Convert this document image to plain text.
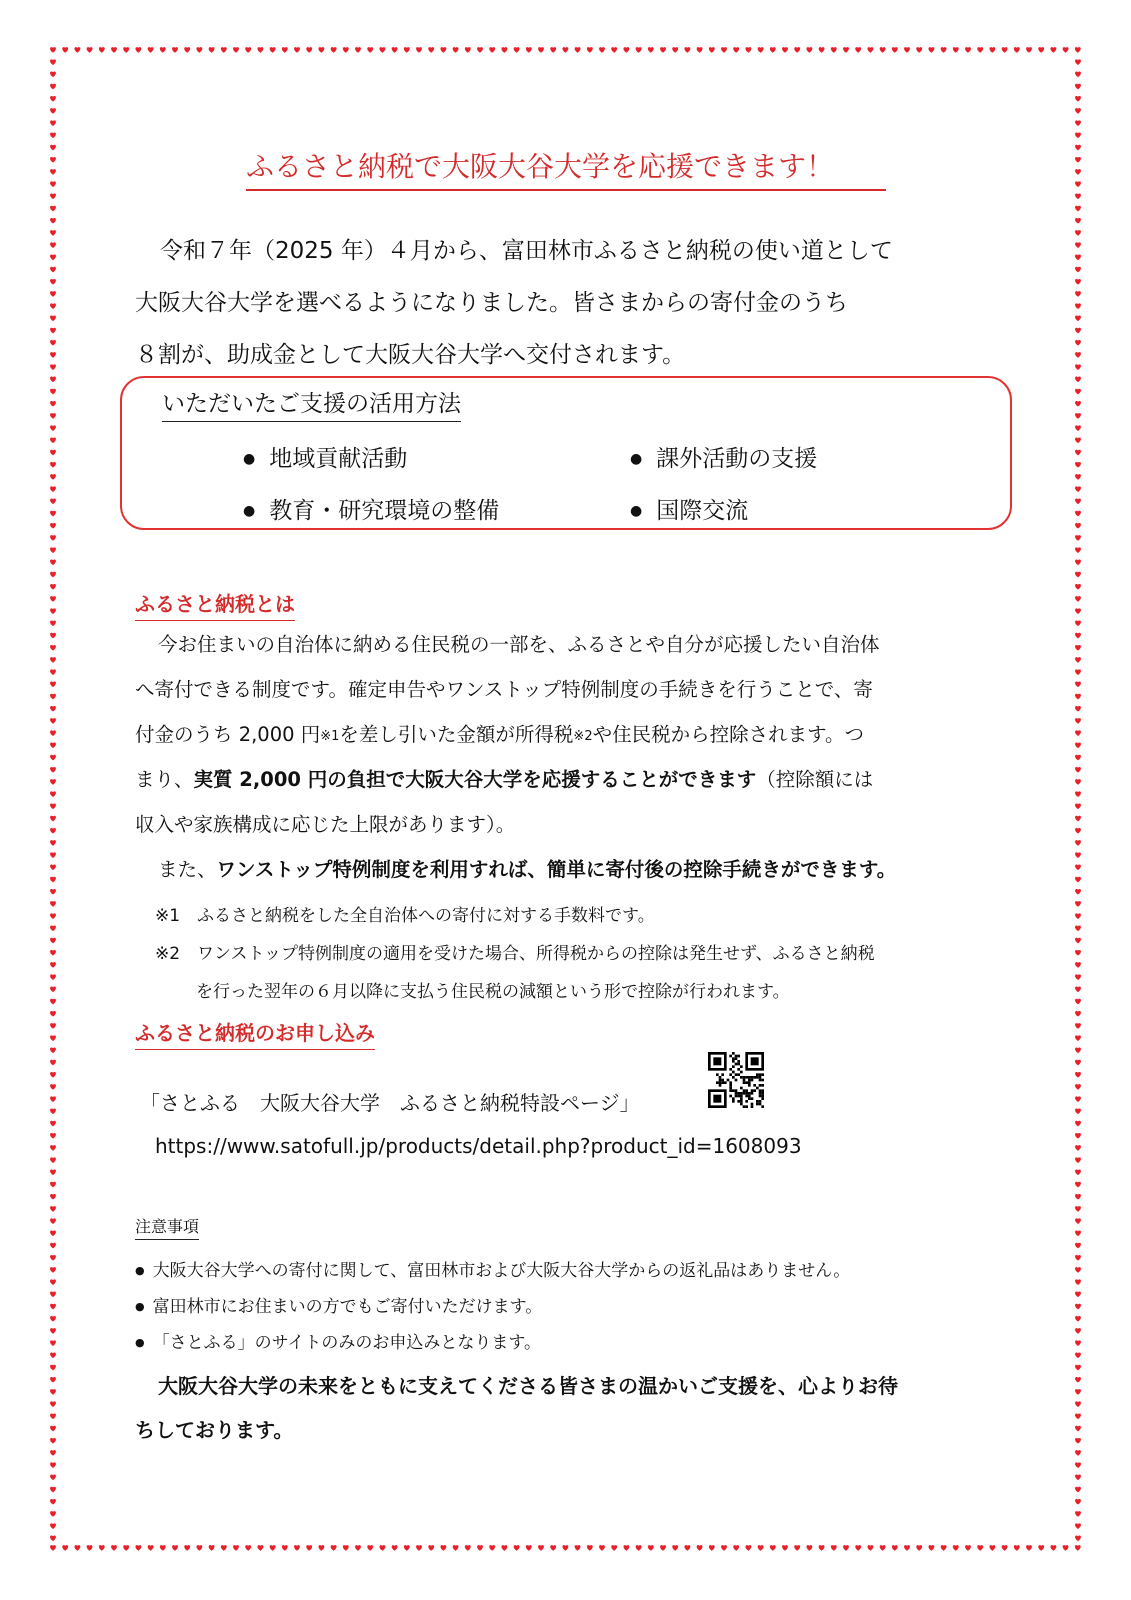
ふるさと納税で大阪大谷大学を応援できます！
令和７年（2025 年）４月から、富田林市ふるさと納税の使い道として
大阪大谷大学を選べるようになりました。皆さまからの寄付金のうち
８割が、助成金として大阪大谷大学へ交付されます。
いただいたご支援の活用方法
● 地域貢献活動	● 課外活動の支援
● 教育・研究環境の整備	● 国際交流
ふるさと納税とは
今お住まいの自治体に納める住民税の一部を、ふるさとや自分が応援したい自治体
へ寄付できる制度です。確定申告やワンストップ特例制度の手続きを行うことで、寄
付金のうち 2,000 円$^{※1}$を差し引いた金額が所得税$^{※2}$や住民税から控除されます。つ
まり、実質 2,000 円の負担で大阪大谷大学を応援することができます（控除額には
収入や家族構成に応じた上限があります）。
また、ワンストップ特例制度を利用すれば、簡単に寄付後の控除手続きができます。
※1　ふるさと納税をした全自治体への寄付に対する手数料です。
※2　ワンストップ特例制度の適用を受けた場合、所得税からの控除は発生せず、ふるさと納税
を行った翌年の６月以降に支払う住民税の減額という形で控除が行われます。
ふるさと納税のお申し込み
「さとふる　大阪大谷大学　ふるさと納税特設ページ」
https://www.satofull.jp/products/detail.php?product_id=1608093
注意事項
● 大阪大谷大学への寄付に関して、富田林市および大阪大谷大学からの返礼品はありません。
● 富田林市にお住まいの方でもご寄付いただけます。
● 「さとふる」のサイトのみのお申込みとなります。
大阪大谷大学の未来をともに支えてくださる皆さまの温かいご支援を、心よりお待
ちしております。
